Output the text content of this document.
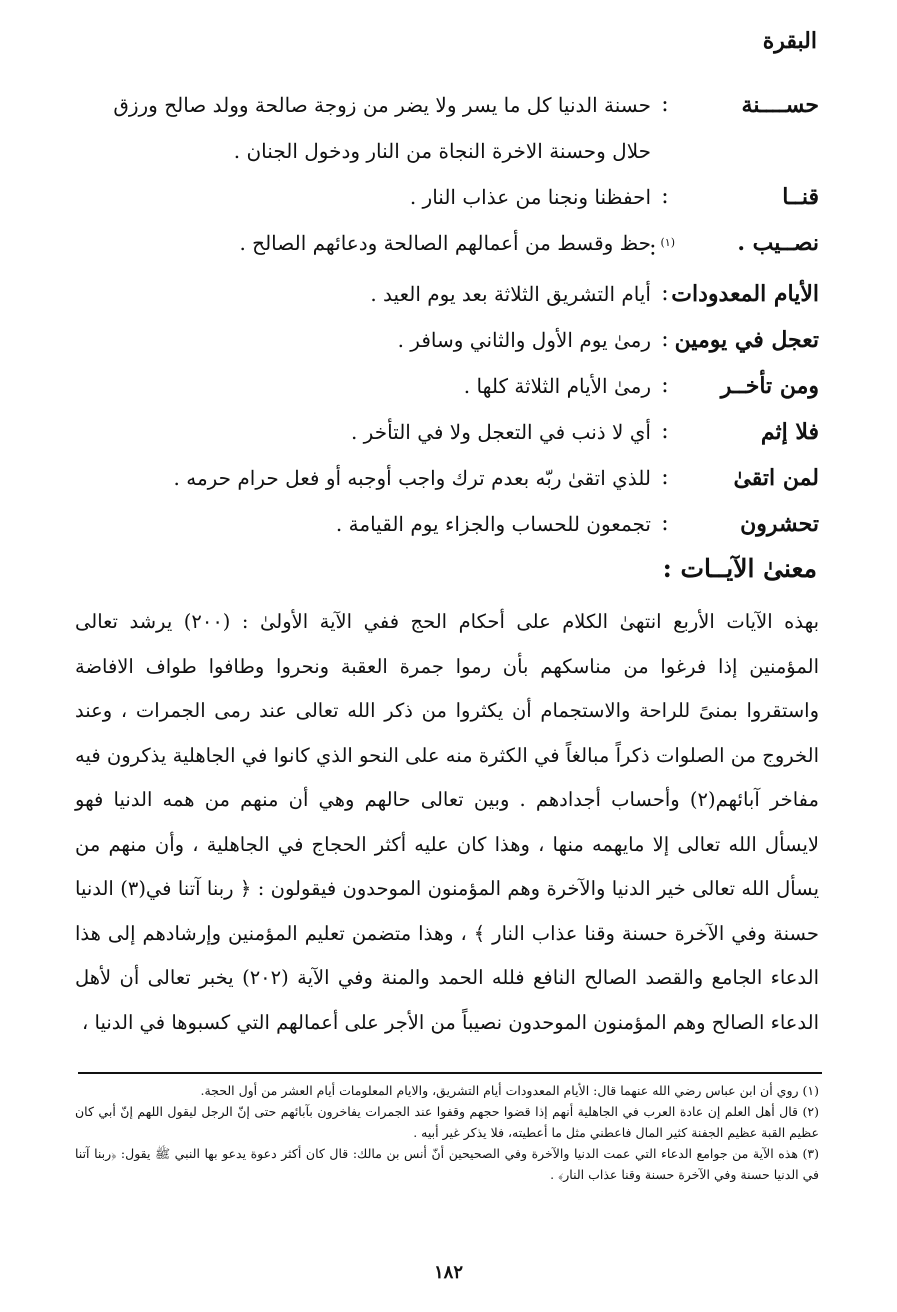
البقرة
حســــنة
:
حسنة الدنيا كل ما يسر ولا يضر من زوجة صالحة وولد صالح ورزق حلال وحسنة الاخرة النجاة من النار ودخول الجنان .
قنــا
:
احفظنا ونجنا من عذاب النار .
نصــيب .
$^{(١)}$:
حظ وقسط من أعمالهم الصالحة ودعائهم الصالح .
الأيام المعدودات
:
أيام التشريق الثلاثة بعد يوم العيد .
تعجل في يومين
:
رمىٰ يوم الأول والثاني وسافر .
ومن تأخــر
:
رمىٰ الأيام الثلاثة كلها .
فلا إثم
:
أي لا ذنب في التعجل ولا في التأخر .
لمن اتقىٰ
:
للذي اتقىٰ ربّه بعدم ترك واجب أوجبه أو فعل حرام حرمه .
تحشرون
:
تجمعون للحساب والجزاء يوم القيامة .
معنىٰ الآيــات :

بهذه الآيات الأربع انتهىٰ الكلام على أحكام الحج ففي الآية الأولىٰ : (٢٠٠) يرشد تعالى المؤمنين إذا فرغوا من مناسكهم بأن رموا جمرة العقبة ونحروا وطافوا طواف الافاضة واستقروا بمنىً للراحة والاستجمام أن يكثروا من ذكر الله تعالى عند رمى الجمرات ، وعند الخروج من الصلوات ذكراً مبالغاً في الكثرة منه على النحو الذي كانوا في الجاهلية يذكرون فيه مفاخر آبائهم(٢) وأحساب أجدادهم . وبين تعالى حالهم وهي أن منهم من همه الدنيا فهو لايسأل الله تعالى إلا مايهمه منها ، وهذا كان عليه أكثر الحجاج في الجاهلية ، وأن منهم من يسأل الله تعالى خير الدنيا والآخرة وهم المؤمنون الموحدون فيقولون : ﴿ ربنا آتنا في(٣) الدنيا حسنة وفي الآخرة حسنة وقنا عذاب النار ﴾ ، وهذا متضمن تعليم المؤمنين وإرشادهم إلى هذا الدعاء الجامع والقصد الصالح النافع فلله الحمد والمنة وفي الآية (٢٠٢) يخبر تعالى أن لأهل الدعاء الصالح وهم المؤمنون الموحدون نصيباً من الأجر على أعمالهم التي كسبوها في الدنيا ،

(١) روي أن ابن عباس رضي الله عنهما قال: الأيام المعدودات أيام التشريق، والايام المعلومات أيام العشر من أول الحجة.

(٢) قال أهل العلم إن عادة العرب في الجاهلية أنهم إذا قضوا حجهم وقفوا عند الجمرات يفاخرون بآبائهم حتى إنّ الرجل ليقول اللهم إنّ أبي كان عظيم القبة عظيم الجفنة كثير المال فاعطني مثل ما أعطيته، فلا يذكر غير أبيه .

(٣) هذه الآية من جوامع الدعاء التي عمت الدنيا والآخرة وفي الصحيحين أنّ أنس بن مالك: قال كان أكثر دعوة يدعو بها النبي ﷺ يقول: ﴿ربنا آتنا في الدنيا حسنة وفي الآخرة حسنة وقنا عذاب النار﴾ .

١٨٢
